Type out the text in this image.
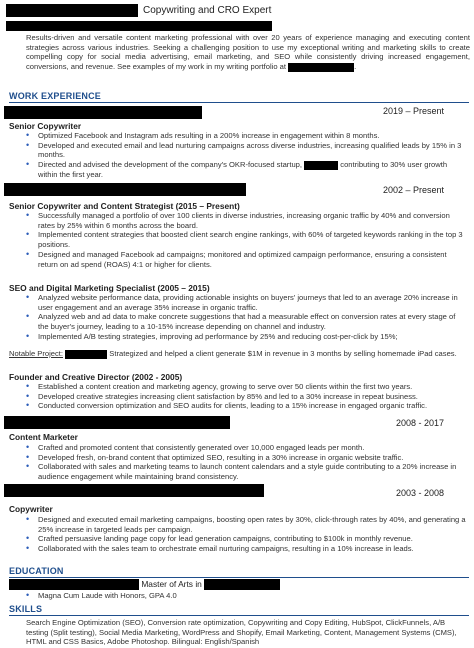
Copywriting and CRO Expert
Results-driven and versatile content marketing professional with over 20 years of experience managing and executing content strategies across various industries. Seeking a challenging position to use my exceptional writing and marketing skills to create compelling copy for social media advertising, email marketing, and SEO while consistently driving increased engagement, conversions, and revenue. See examples of my work in my writing portfolio at	.
WORK EXPERIENCE
2019 – Present
Senior Copywriter
• Optimized Facebook and Instagram ads resulting in a 200% increase in engagement within 8 months.
• Developed and executed email and lead nurturing campaigns across diverse industries, increasing qualified leads by 15% in 3 months.
• Directed and advised the development of the company's OKR-focused startup,	contributing to 30% user growth within the first year.
2002 – Present
Senior Copywriter and Content Strategist (2015 – Present)
• Successfully managed a portfolio of over 100 clients in diverse industries, increasing organic traffic by 40% and conversion rates by 25% within 6 months across the board.
• Implemented content strategies that boosted client search engine rankings, with 60% of targeted keywords ranking in the top 3 positions.
• Designed and managed Facebook ad campaigns; monitored and optimized campaign performance, ensuring a consistent return on ad spend (ROAS) 4:1 or higher for clients.
SEO and Digital Marketing Specialist (2005 – 2015)
• Analyzed website performance data, providing actionable insights on buyers' journeys that led to an average 20% increase in user engagement and an average 35% increase in organic traffic.
• Analyzed web and ad data to make concrete suggestions that had a measurable effect on conversion rates at every stage of the buyer's journey, leading to a 10-15% increase depending on channel and industry.
• Implemented A/B testing strategies, improving ad performance by 25% and reducing cost-per-click by 15%;
Notable Project:	Strategized and helped a client generate $1M in revenue in 3 months by selling homemade iPad cases.
Founder and Creative Director (2002 - 2005)
• Established a content creation and marketing agency, growing to serve over 50 clients within the first two years.
• Developed creative strategies increasing client satisfaction by 85% and led to a 30% increase in repeat business.
• Conducted conversion optimization and SEO audits for clients, leading to a 15% increase in engaged organic traffic.
2008 - 2017
Content Marketer
• Crafted and promoted content that consistently generated over 10,000 engaged leads per month.
• Developed fresh, on-brand content that optimized SEO, resulting in a 30% increase in organic website traffic.
• Collaborated with sales and marketing teams to launch content calendars and a style guide contributing to a 20% increase in audience engagement while maintaining brand consistency.
2003 - 2008
Copywriter
• Designed and executed email marketing campaigns, boosting open rates by 30%, click-through rates by 40%, and generating a 25% increase in targeted leads per campaign.
• Crafted persuasive landing page copy for lead generation campaigns, contributing to $100k in monthly revenue.
• Collaborated with the sales team to orchestrate email nurturing campaigns, resulting in a 10% increase in leads.
EDUCATION
Master of Arts in
• Magna Cum Laude with Honors, GPA 4.0
SKILLS
Search Engine Optimization (SEO), Conversion rate optimization, Copywriting and Copy Editing, HubSpot, ClickFunnels, A/B testing (Split testing), Social Media Marketing, WordPress and Shopify, Email Marketing, Content, Management Systems (CMS), HTML and CSS Basics, Adobe Photoshop. Bilingual: English/Spanish
